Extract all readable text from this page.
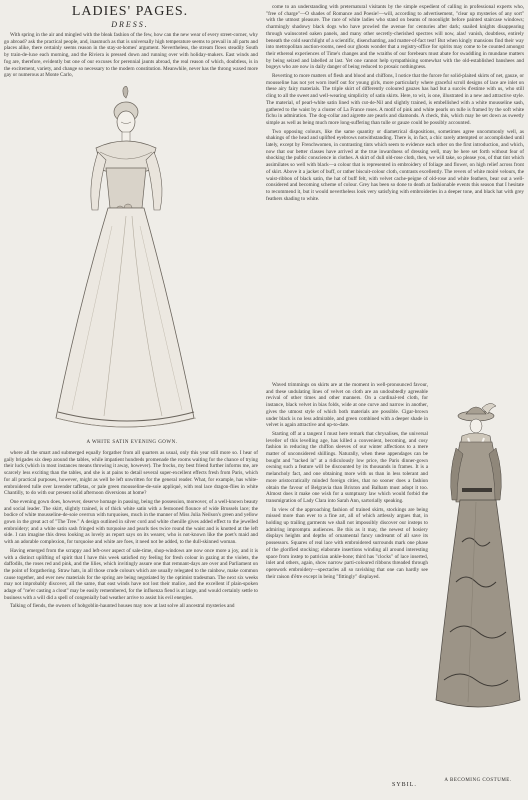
LADIES' PAGES.
DRESS.

With spring in the air and mingled with the bleak fashion of the few, how can the new wear of every street-corner, why go abroad? ask the practical people, and, inasmuch as that is universally high temperature seems to prevail in all parts and places alike, there certainly seems reason in the stay-at-homes' argument. Nevertheless, the stream flows steadily South by train-de-luxe each morning, and the Riviera is pressed down and running over with holiday-makers. East winds and fog are, therefore, evidently but one of our excuses for perennial jaunts abroad, the real reason of which, doubtless, is in the excitement, variety, and change so necessary to the modern constitution. Meanwhile, never has the throng waxed more gay or numerous at Monte Carlo,

A WHITE SATIN EVENING GOWN.

where all the smart and submerged equally forgather from all quarters as usual, only this year still more so. I hear of gaily brigades six deep around the tables, while impatient hundreds promenade the rooms waiting for the chance of trying their luck (which in most instances means throwing it away, however). The frocks, my best friend further informs me, are scarcely less exciting than the tables, and she is at pains to detail several super-excellent effects fresh from Paris, which for all practical purposes, however, might as well be left unwritten for the general reader. What, for example, has white-embroidered tulle over lavender taffetas, or pale green mousseline-de-soie appliqué, with real lace dragon-flies in white Chantilly, to do with our present solid afternoon diversions at home?

One evening gown does, however, deserve homage in passing, being the possession, moreover, of a well-known beauty and social leader. The skirt, slightly trained, is of thick white satin with a festooned flounce of wide Brussels lace; the bodice of white mousseline-de-soie overrun with turquoises, much in the manner of Miss Julia Neilson's green and yellow gown in the great act of "The Tree." A design outlined in silver cord and white chenille gives added effect to the jewelled embroidery; and a white satin sash fringed with turquoise and pearls ties twice round the waist and is knotted at the left side. I can imagine this dress looking as lovely as report says on its wearer, who is not-known like the poet's maid and with an adorable complexion, for turquoise and white are foes, it need not be added, to the dull-skinned woman.

Having emerged from the scrappy and left-over aspect of sale-time, shop-windows are now once more a joy, and it is with a distinct uplifting of spirit that I have this week satisfied my feeling for fresh colour in gazing at the violets, the daffodils, the roses red and pink, and the lilies, which invitingly assure one that remnant-days are over and Parliament on the point of forgathering. Straw hats, in all those crude colours which are usually relegated to the rainbow, make common cause together, and ever new materials for the spring are being negotiated by the optimist tradesman. The next six weeks may not improbably discover, all the same, that east winds have not lost their malice, and the excellent if plain-spoken adage of "ne'er casting a clout" may be easily remembered, for the influenza fiend is at large, and would certainly settle to business with a will did a spell of congenially bad weather arrive to assist his evil energies.

Talking of fiends, the owners of hobgoblin-haunted houses may now at last solve all ancestral mysteries and

come to an understanding with preternatural visitants by the simple expedient of calling in professional experts who, "free of charge"—O shades of Romance and Poesie!—will, according to advertisement, "clear up mysteries of any sort" with the utmost pleasure. The race of white ladies who stand on beams of moonlight before painted staircase windows; charmingly shadowy black dogs who have prowled the avenue for centuries after dark; snailed knights disappearing through wainscoted oaken panels, and many other secretly-cherished spectres will now, alas! vanish, doubtless, entirely beneath the cold searchlight of a scientific, disenchanting, and matter-of-fact test! But when kingly mansions find their way into metropolitan auction-rooms, need our ghosts wonder that a registry-office for spirits may come to be counted amongst their ethereal experiences of Time's changes and the wraiths of our forebears must abate for swaddling in mundane matters by being seized and labelled at last. Yet one cannot help sympathising somewhat with the old-established banshees and bogeys who are now in daily danger of being reduced to prosaic nothingness.

Reverting to more matters of flesh and blood and chiffons, I notice that the furore for solid-plaited skirts of net, gauze, or mousseline has not yet worn itself out for young girls, more particularly where graceful scroll designs of lace are inlet on these airy fairy materials. The triple skirt of differently coloured gauzes has had but a succès d'estime with us, who still cling to all the sweet and well-wearing simplicity of satin skirts. Here, to wit, is one, illustrated in a new and attractive style. The material, of pearl-white satin lined with cut-de-Nil and slightly trained, is embellished with a white mousseline sash, gathered to the waist by a cluster of La France roses. A motif of pink and white pearls on tulle is framed by the soft white fichu in admiration. The dog-collar and aigrette are pearls and diamonds. A check, this, which may be set down as sweetly simple as well as being much more long-suffering than tulle or gauze could be possibly accounted.

Two opposing colours, like the same quantity or diametrical dispositions, sometimes agree uncommonly well, as shakings of the head and uplifted eyebrows notwithstanding. There is, in fact, a chic rarely attempted or accomplished until lately, except by Frenchwomen, in contrasting tints which seem to evidence each other on the first introduction, and which, now that our better classes have arrived at the true inwardness of dressing well, may be here set forth without fear of shocking the public conscience in clothes. A skirt of dull old-rose cloth, then, we will take, so please you, of that tint which assimilates so well with black—a colour that is represented in embroidery of foliage and flower, on high relief across front of skirt. Above it a jacket of buff, or rather biscuit-colour cloth, contrasts excellently. The revers of white moiré velours, the waist-ribbon of black satin, the hat of buff felt, with velvet cache-peigne of old-rose and white feathers, bear out a well-considered and becoming scheme of colour. Grey has been so done to death at fashionable events this season that I hesitate to recommend it, but it would nevertheless look very satisfying with embroideries in a deeper tone, and black hat with grey feathers shading to white.

Waved trimmings on skirts are at the moment in well-pronounced favour, and these undulating lines of velvet on cloth are an undoubtedly agreeable revival of other times and other manners. On a cardinal-red cloth, for instance, black velvet in bias folds, wide at one curve and narrow in another, gives the utmost style of which both materials are possible. Cigar-brown under black is no less admirable, and green combined with a deeper shade in velvet is again attractive and up-to-date.

Starting off at a tangent I must here remark that chrysalises, the universal leveller of this levelling age, has killed a convenient, becoming, and cosy fashion in reducing the chiffon sleeves of our winter affections to a mere matter of unconsidered shillings. Naturally, when these appendages can be bought and "tacked in" at a ridiculously low price, the Paris dinner-gown owning such a feature will be discounted by its thousands in frames. It is a melancholy fact, and one obtaining more with us than in less tolerant and more aristocratically minded foreign cities, that no sooner does a fashion obtain the favour of Belgravia than Brixton and Balham must adopt it too. Almost does it make one wish for a sumptuary law which would forbid the transmigration of Lady Clara into Sarah Ann, sartorially speaking.

In view of the approaching fashion of trained skirts, stockings are being missed more than ever to a fine art, all of which artlessly argues that, in holding up trailing garments we shall not impossibly discover our insteps to admiring impromptu audiences. Be this as it may, the newest of hosiery displays heights and depths of ornamental fancy undreamt of all save its possessors. Squares of real lace with embroidered surrounds mark one phase of the glorified stocking; elaborate insertions winding all around interesting space from instep to patrician ankle-bone; third has "clocks" of lace inserted, inlet and others, again, show narrow parti-coloured ribbons threaded through openwork embroidery—spectacles all so ravishing that one can hardly see their raison d'être except in being "fittingly" displayed.

SYBIL.
A BECOMING COSTUME.
